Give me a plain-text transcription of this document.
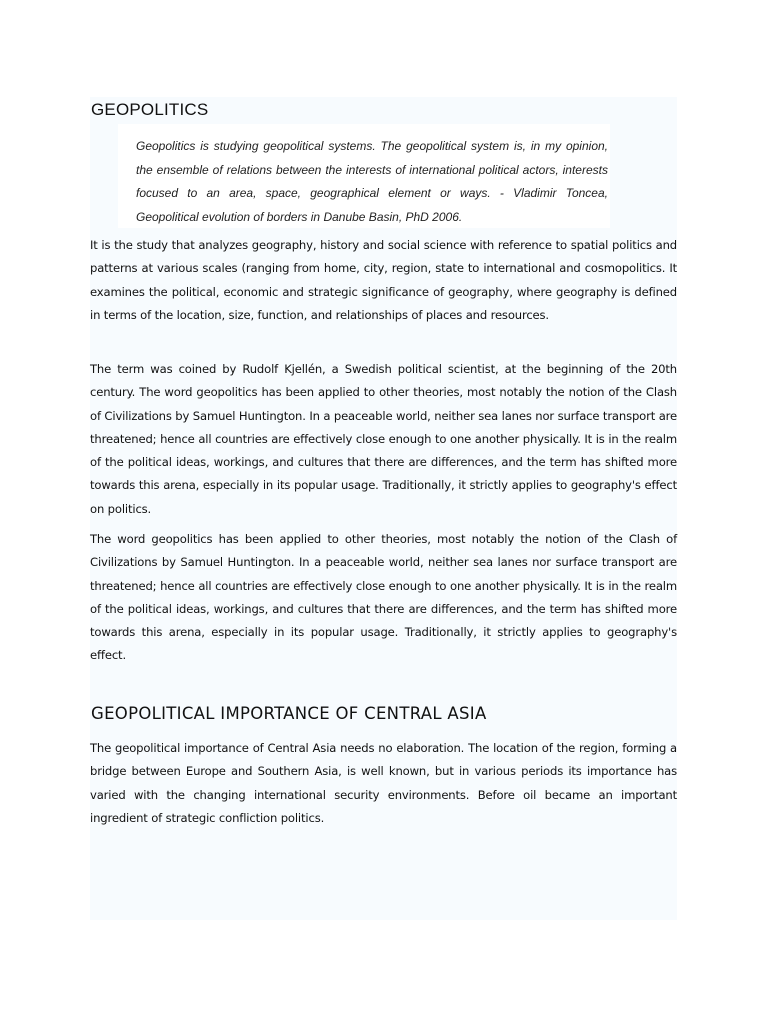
GEOPOLITICS

Geopolitics is studying geopolitical systems. The geopolitical system is, in my opinion, the ensemble of relations between the interests of international political actors, interests focused to an area, space, geographical element or ways. - Vladimir Toncea, Geopolitical evolution of borders in Danube Basin, PhD 2006.

It is the study that analyzes geography, history and social science with reference to spatial politics and patterns at various scales (ranging from home, city, region, state to international and cosmopolitics. It examines the political, economic and strategic significance of geography, where geography is defined in terms of the location, size, function, and relationships of places and resources.

The term was coined by Rudolf Kjellén, a Swedish political scientist, at the beginning of the 20th century. The word geopolitics has been applied to other theories, most notably the notion of the Clash of Civilizations by Samuel Huntington. In a peaceable world, neither sea lanes nor surface transport are threatened; hence all countries are effectively close enough to one another physically. It is in the realm of the political ideas, workings, and cultures that there are differences, and the term has shifted more towards this arena, especially in its popular usage. Traditionally, it strictly applies to geography's effect on politics.

The word geopolitics has been applied to other theories, most notably the notion of the Clash of Civilizations by Samuel Huntington. In a peaceable world, neither sea lanes nor surface transport are threatened; hence all countries are effectively close enough to one another physically. It is in the realm of the political ideas, workings, and cultures that there are differences, and the term has shifted more towards this arena, especially in its popular usage. Traditionally, it strictly applies to geography's effect.

GEOPOLITICAL IMPORTANCE OF CENTRAL ASIA

The geopolitical importance of Central Asia needs no elaboration. The location of the region, forming a bridge between Europe and Southern Asia, is well known, but in various periods its importance has varied with the changing international security environments. Before oil became an important ingredient of strategic confliction politics.
